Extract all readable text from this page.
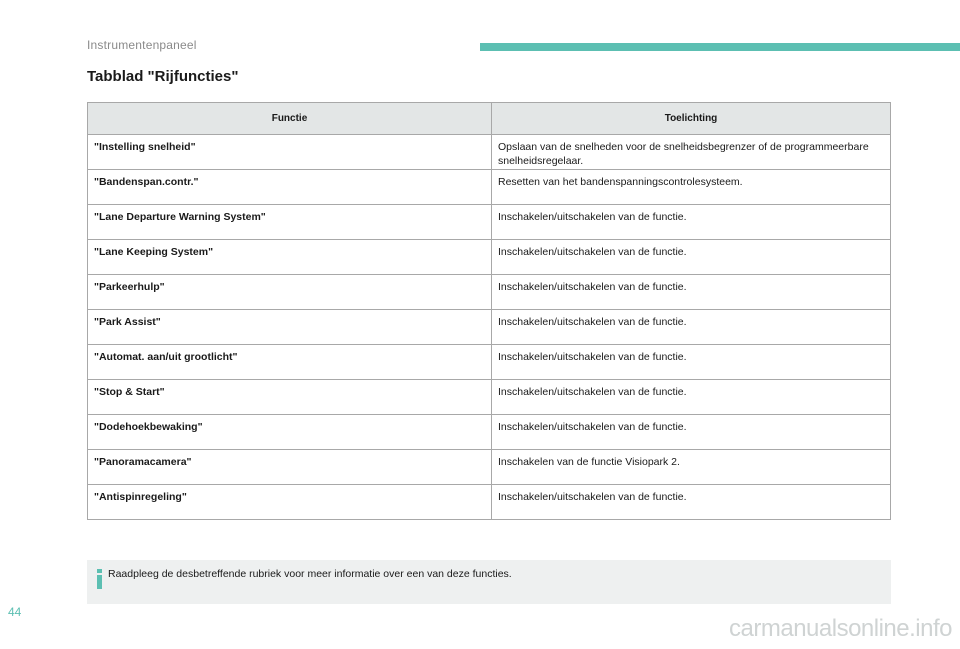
Instrumentenpaneel
Tabblad "Rijfuncties"
Functie	Toelichting
"Instelling snelheid"	Opslaan van de snelheden voor de snelheidsbegrenzer of de programmeerbare snelheidsregelaar.
"Bandenspan.contr."	Resetten van het bandenspanningscontrolesysteem.
"Lane Departure Warning System"	Inschakelen/uitschakelen van de functie.
"Lane Keeping System"	Inschakelen/uitschakelen van de functie.
"Parkeerhulp"	Inschakelen/uitschakelen van de functie.
"Park Assist"	Inschakelen/uitschakelen van de functie.
"Automat. aan/uit grootlicht"	Inschakelen/uitschakelen van de functie.
"Stop & Start"	Inschakelen/uitschakelen van de functie.
"Dodehoekbewaking"	Inschakelen/uitschakelen van de functie.
"Panoramacamera"	Inschakelen van de functie Visiopark 2.
"Antispinregeling"	Inschakelen/uitschakelen van de functie.
Raadpleeg de desbetreffende rubriek voor meer informatie over een van deze functies.
44
carmanualsonline.info
